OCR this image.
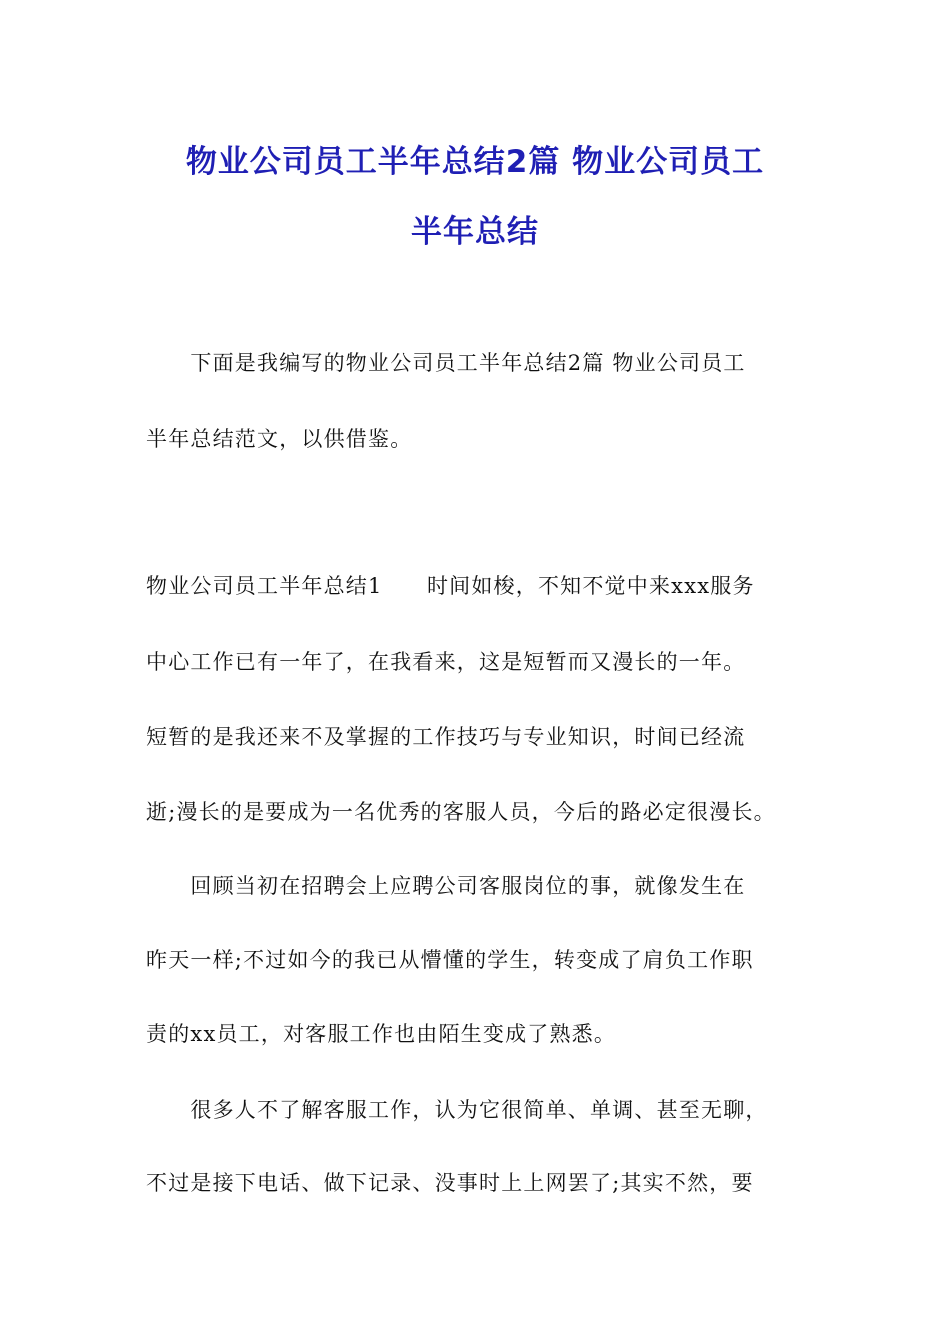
物业公司员工半年总结2篇 物业公司员工
半年总结
　　下面是我编写的物业公司员工半年总结2篇 物业公司员工
半年总结范文，以供借鉴。
物业公司员工半年总结1　　时间如梭，不知不觉中来xxx服务
中心工作已有一年了，在我看来，这是短暂而又漫长的一年。
短暂的是我还来不及掌握的工作技巧与专业知识，时间已经流
逝;漫长的是要成为一名优秀的客服人员，今后的路必定很漫长。
　　回顾当初在招聘会上应聘公司客服岗位的事，就像发生在
昨天一样;不过如今的我已从懵懂的学生，转变成了肩负工作职
责的xx员工，对客服工作也由陌生变成了熟悉。
　　很多人不了解客服工作，认为它很简单、单调、甚至无聊，
不过是接下电话、做下记录、没事时上上网罢了;其实不然，要
